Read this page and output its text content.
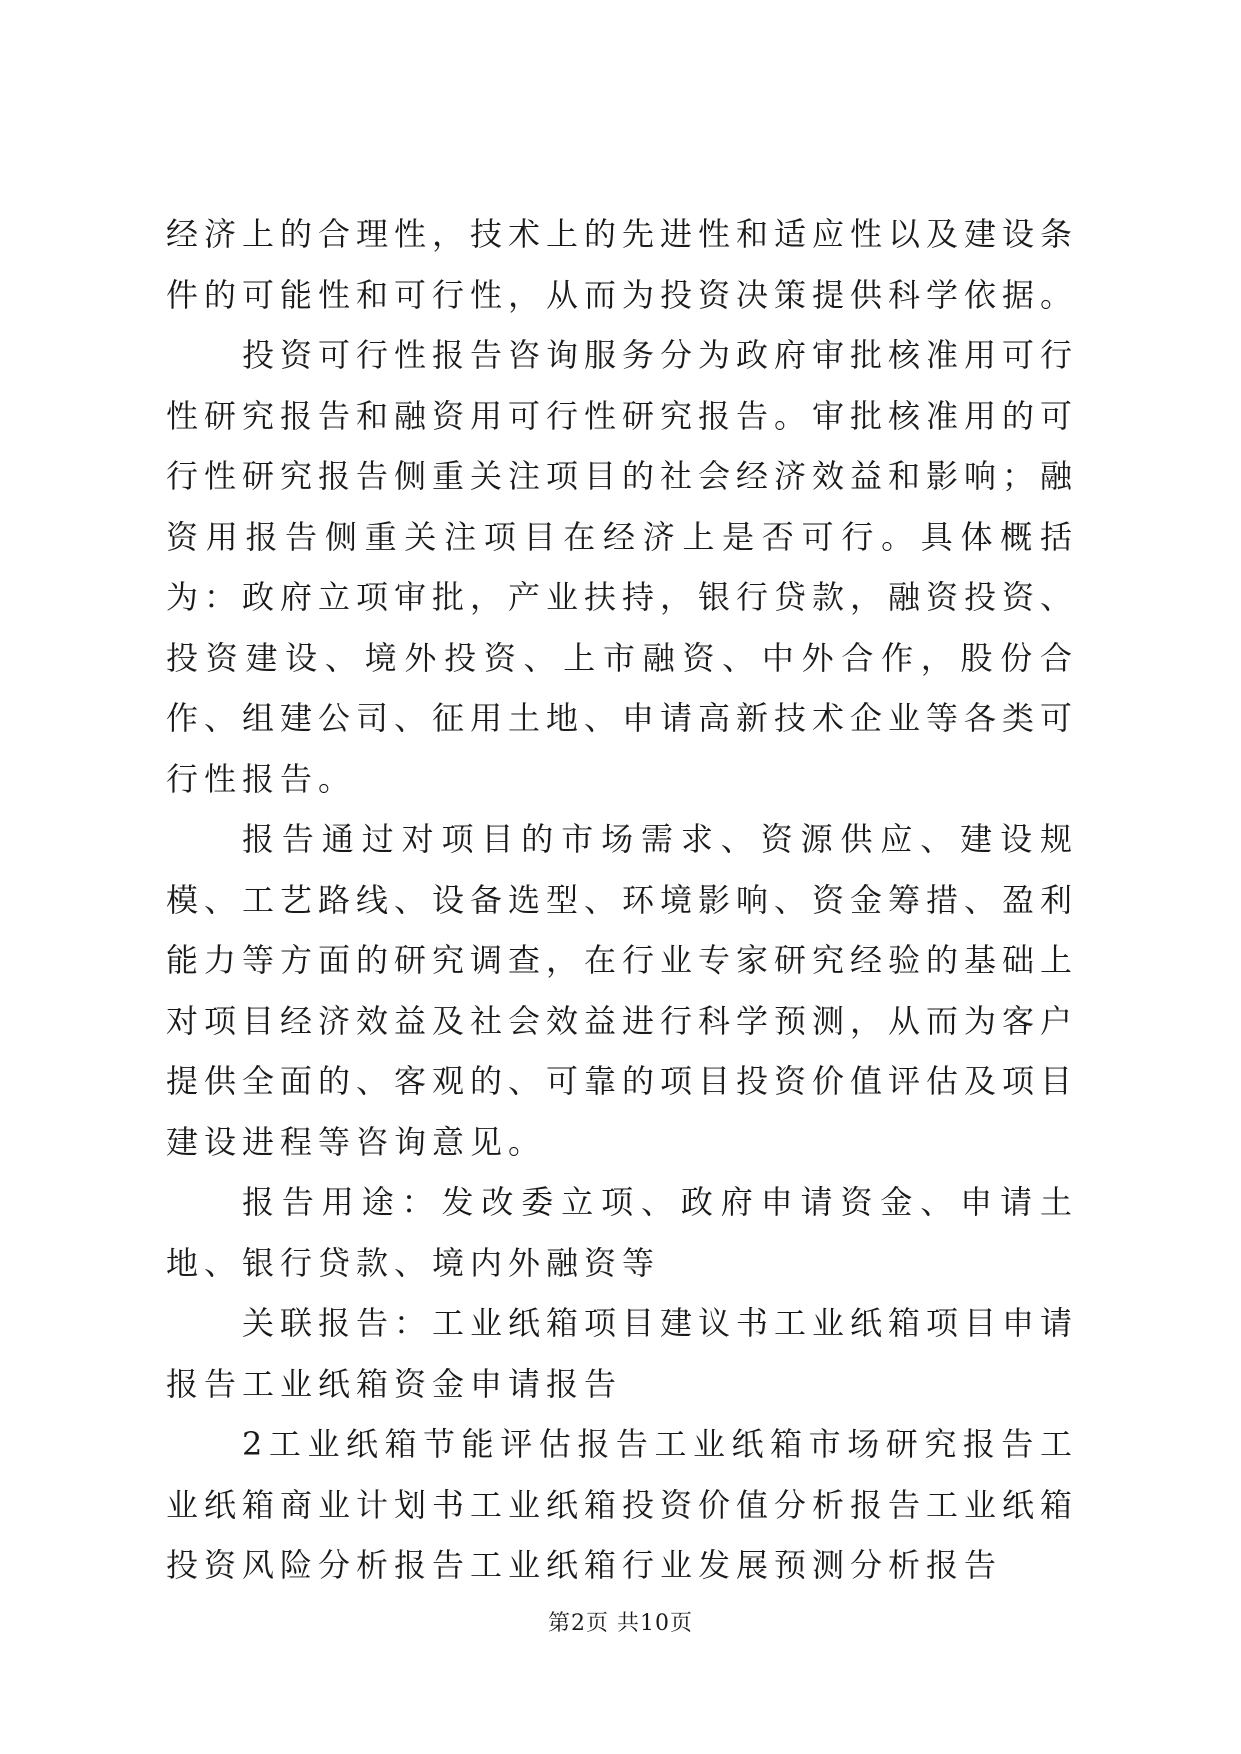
经济上的合理性，技术上的先进性和适应性以及建设条件的可能性和可行性，从而为投资决策提供科学依据。

投资可行性报告咨询服务分为政府审批核准用可行性研究报告和融资用可行性研究报告。审批核准用的可行性研究报告侧重关注项目的社会经济效益和影响；融资用报告侧重关注项目在经济上是否可行。具体概括为：政府立项审批，产业扶持，银行贷款，融资投资、投资建设、境外投资、上市融资、中外合作，股份合作、组建公司、征用土地、申请高新技术企业等各类可行性报告。

报告通过对项目的市场需求、资源供应、建设规模、工艺路线、设备选型、环境影响、资金筹措、盈利能力等方面的研究调查，在行业专家研究经验的基础上对项目经济效益及社会效益进行科学预测，从而为客户提供全面的、客观的、可靠的项目投资价值评估及项目建设进程等咨询意见。

报告用途：发改委立项、政府申请资金、申请土地、银行贷款、境内外融资等

关联报告：工业纸箱项目建议书工业纸箱项目申请报告工业纸箱资金申请报告

2工业纸箱节能评估报告工业纸箱市场研究报告工业纸箱商业计划书工业纸箱投资价值分析报告工业纸箱投资风险分析报告工业纸箱行业发展预测分析报告

第2页 共10页
